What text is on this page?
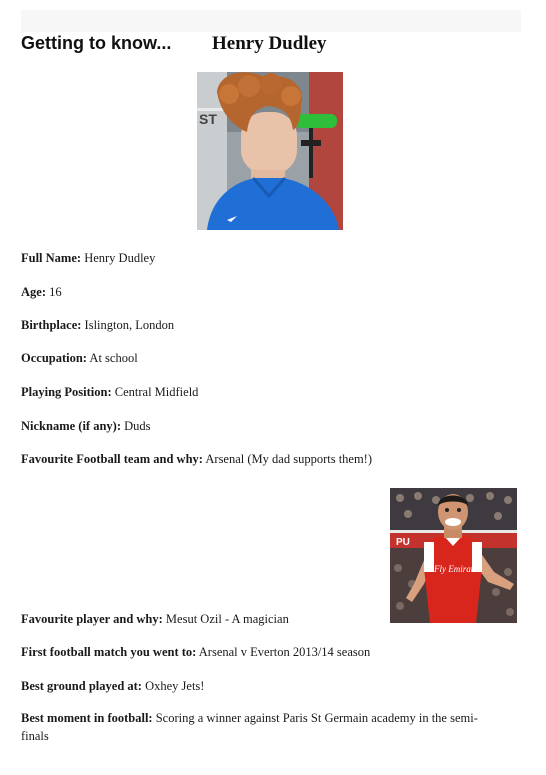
Getting to know... Henry Dudley
ST
PU
Fly Emirates

Full Name: Henry Dudley

Age: 16

Birthplace: Islington, London

Occupation: At school

Playing Position: Central Midfield

Nickname (if any): Duds

Favourite Football team and why: Arsenal (My dad supports them!)

Favourite player and why: Mesut Ozil - A magician

First football match you went to: Arsenal v Everton 2013/14 season

Best ground played at: Oxhey Jets!

Best moment in football: Scoring a winner against Paris St Germain academy in the semi-finals
